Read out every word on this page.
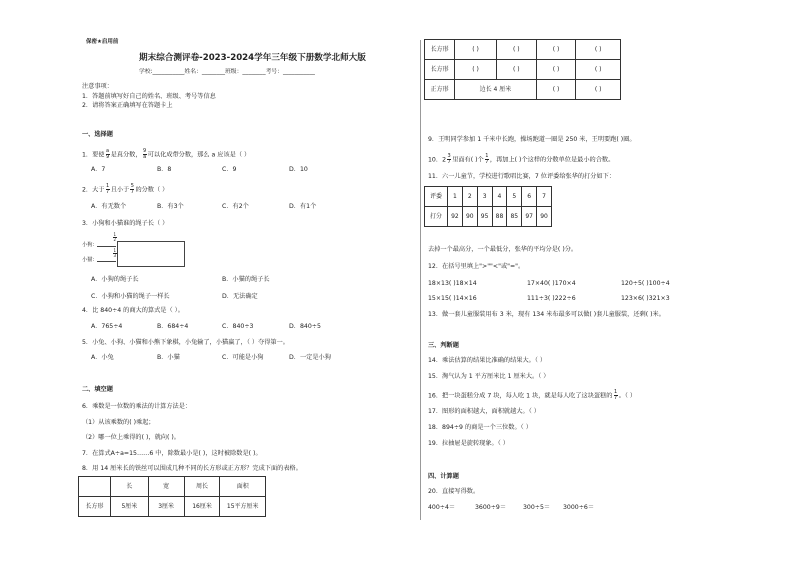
保密★启用前
期末综合测评卷-2023-2024学年三年级下册数学北师大版
学校:___________姓名：________班级：________考号：___________
注意事项：
1．答题前填写好自己的姓名、班级、考号等信息
2．请将答案正确填写在答题卡上
一、选择题
1．要使 $\frac{a}{9}$ 是真分数， $\frac{9}{a}$ 可以化成带分数，那么 a 应该是（ ）
A．7	B．8	C．9	D．10
2．大于 $\frac{1}{7}$ 且小于 $\frac{5}{7}$ 的分数（ ）
A．有无数个	B．有3个	C．有2个	D．有1个
3．小狗和小猫谁的绳子长（ ）
小狗：
小猫：
$\frac{1}{2}$
$\frac{1}{3}$
A．小狗的绳子长	B．小猫的绳子长
C．小狗和小猫的绳子一样长	D．无法确定
4．比 840÷4 的商大的算式是（ ）。
A．765÷4	B．684÷4	C．840÷3	D．840÷5
5．小兔、小狗、小猫和小熊下象棋，小兔输了，小猫赢了，（ ）夺得第一。
A．小兔	B．小猫	C．可能是小狗	D．一定是小狗
二、填空题
6．乘数是一位数的乘法的计算方法是：
（1）从该乘数的( )乘起；
（2）哪一位上乘得的( )，就向( )。
7．在算式A÷a=15……6 中，除数最小是( )，这时被除数是( )。
8．用 14 厘米长的铁丝可以围成几种不同的长方形或正方形？完成下面的表格。
	长	宽	周长	面积
长方形	5厘米	3厘米	16厘米	15平方厘米
长方形	( )	( )	( )	( )
长方形	( )	( )	( )	( )
正方形	边长 4 厘米		( )	( )
9．王明同学参加 1 千米中长跑，操场跑道一圈是 250 米，王明要跑( )圈。
10．$2 \frac{3}{7}$ 里面有( )个 $\frac{1}{7}$ ，再加上( )个这样的分数单位是最小的合数。
11．六一儿童节，学校进行歌唱比赛，7 位评委给张华的打分如下：
评委	1	2	3	4	5	6	7
打分	92	90	95	88	85	97	90
去掉一个最高分，一个最低分，张华的平均分是( )分。
12．在括号里填上">""<"或"="。
18×13( )18×14	17×40( )170×4	120÷5( )100÷4
15×15( )14×16	111÷3( )222÷6	123×6( )321×3
13．做一套儿童服装用布 3 米，现有 134 米布最多可以做( )套儿童服装，还剩( )米。
三、判断题
14．乘法估算的结果比准确的结果大。（ ）
15．淘气认为 1 平方厘米比 1 厘米大。（ ）
16．把一块蛋糕分成 7 块，每人吃 1 块，就是每人吃了这块蛋糕的 $\frac{1}{7}$ 。（ ）
17．图形的面积越大，面积就越大。（ ）
18．894÷9 的商是一个三位数。（ ）
19．拉抽屉是旋转现象。（ ）
四、计算题
20．直接写得数。
400÷4＝	3600÷9＝	300÷5＝ 3000÷6＝
